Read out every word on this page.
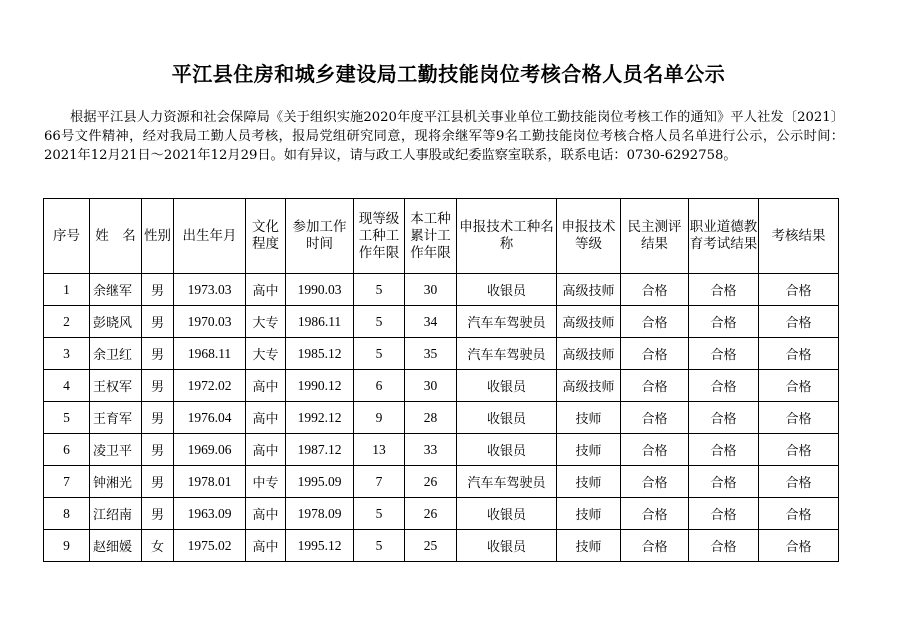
平江县住房和城乡建设局工勤技能岗位考核合格人员名单公示
根据平江县人力资源和社会保障局《关于组织实施2020年度平江县机关事业单位工勤技能岗位考核工作的通知》平人社发〔2021〕66号文件精神，经对我局工勤人员考核，报局党组研究同意，现将余继军等9名工勤技能岗位考核合格人员名单进行公示，公示时间：2021年12月21日～2021年12月29日。如有异议，请与政工人事股或纪委监察室联系，联系电话：0730-6292758。
序号	姓　名	性别	出生年月	文化程度	参加工作时间	现等级工种工作年限	本工种累计工作年限	申报技术工种名称	申报技术等级	民主测评结果	职业道德教育考试结果	考核结果
1	余继军	男	1973.03	高中	1990.03	5	30	收银员	高级技师	合格	合格	合格
2	彭晓风	男	1970.03	大专	1986.11	5	34	汽车车驾驶员	高级技师	合格	合格	合格
3	余卫红	男	1968.11	大专	1985.12	5	35	汽车车驾驶员	高级技师	合格	合格	合格
4	王权军	男	1972.02	高中	1990.12	6	30	收银员	高级技师	合格	合格	合格
5	王育军	男	1976.04	高中	1992.12	9	28	收银员	技师	合格	合格	合格
6	凌卫平	男	1969.06	高中	1987.12	13	33	收银员	技师	合格	合格	合格
7	钟湘光	男	1978.01	中专	1995.09	7	26	汽车车驾驶员	技师	合格	合格	合格
8	江绍南	男	1963.09	高中	1978.09	5	26	收银员	技师	合格	合格	合格
9	赵细媛	女	1975.02	高中	1995.12	5	25	收银员	技师	合格	合格	合格
